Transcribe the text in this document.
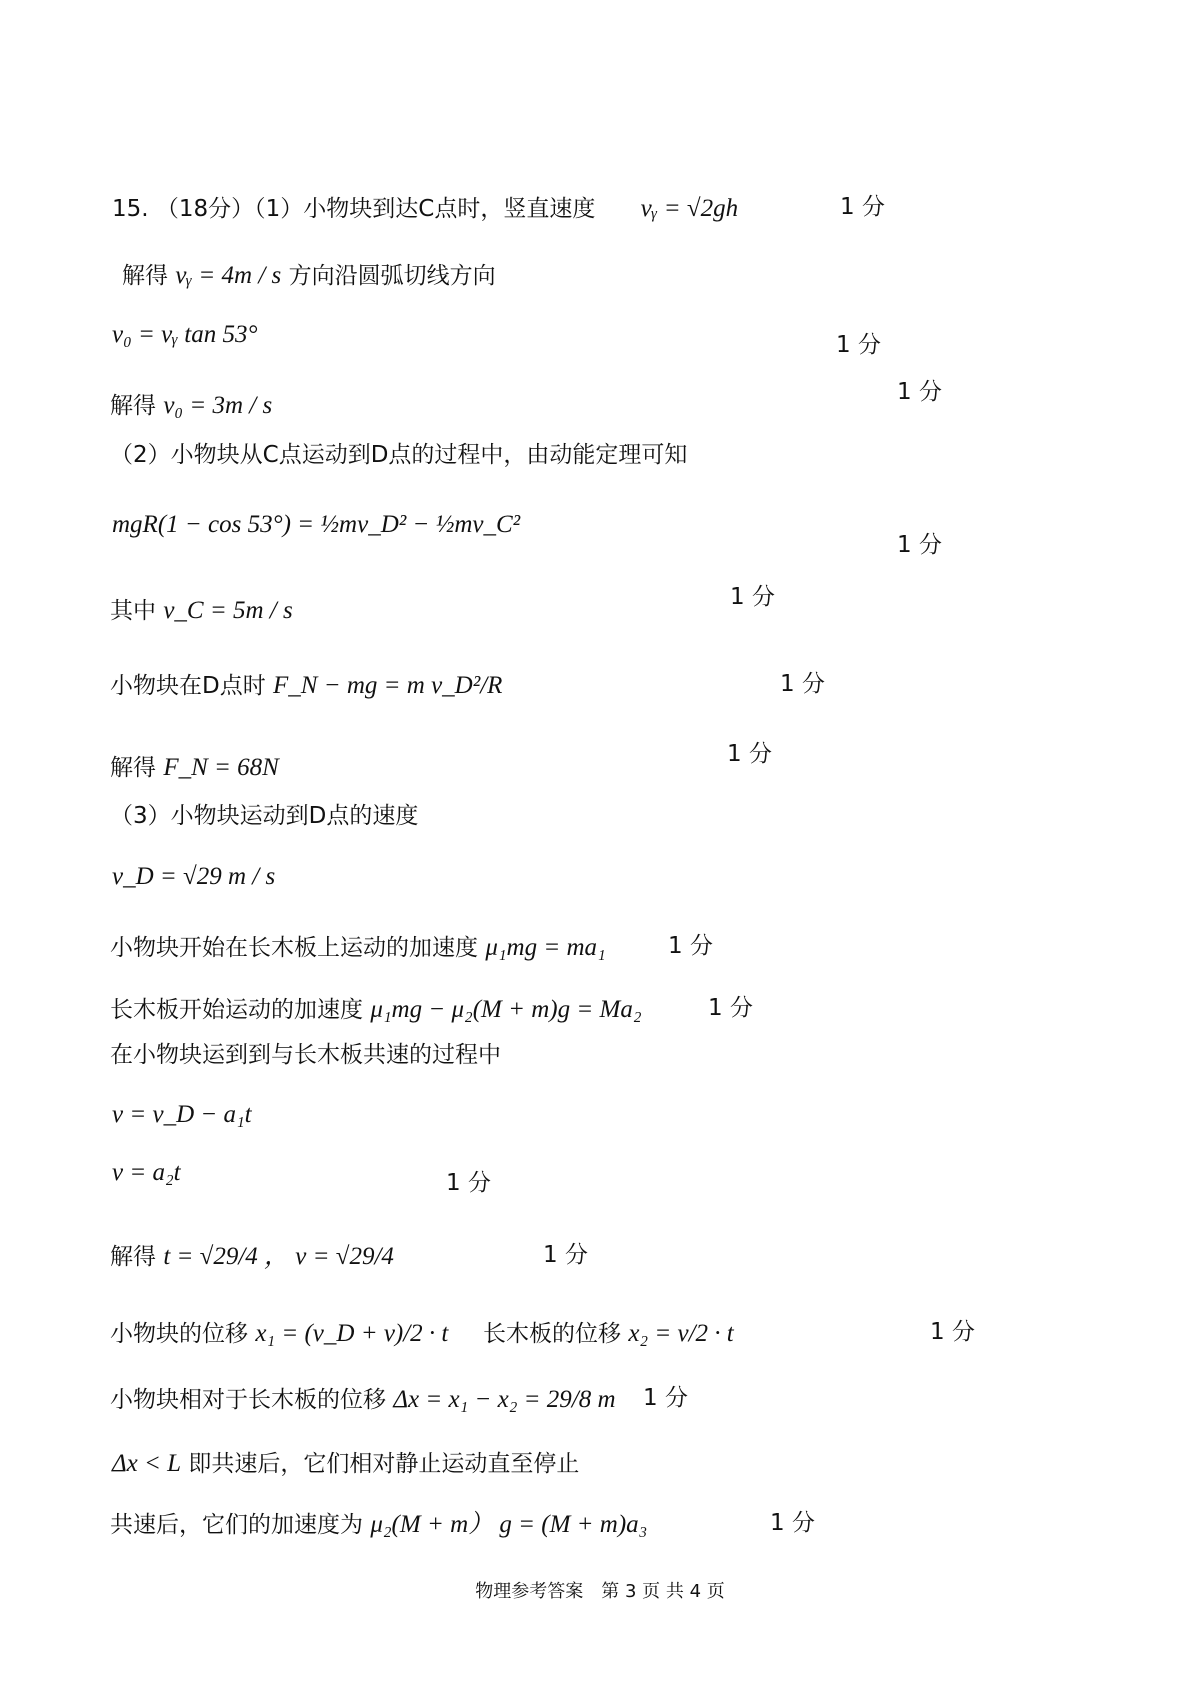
15. （18分）（1）小物块到达C点时，竖直速度 vᵧ = √2gh	1 分
解得 vᵧ = 4m / s 方向沿圆弧切线方向
v₀ = vᵧ tan 53°	1 分
1 分
解得 v₀ = 3m / s
（2）小物块从C点运动到D点的过程中，由动能定理可知
mgR(1 − cos 53°) = ½mv_D² − ½mv_C²
1 分
1 分
其中 v_C = 5m / s
小物块在D点时 F_N − mg = m v_D²/R	1 分
1 分
解得 F_N = 68N
（3）小物块运动到D点的速度
v_D = √29 m / s
小物块开始在长木板上运动的加速度 μ₁mg = ma₁	1 分
长木板开始运动的加速度 μ₁mg − μ₂(M + m)g = Ma₂	1 分
在小物块运到到与长木板共速的过程中
v = v_D − a₁t
v = a₂t	1 分
解得 t = √29/4 ， v = √29/4	1 分
小物块的位移 x₁ = (v_D + v)/2 · t 长木板的位移 x₂ = v/2 · t	1 分
小物块相对于长木板的位移 Δx = x₁ − x₂ = 29/8 m 1 分
Δx < L 即共速后，它们相对静止运动直至停止
共速后，它们的加速度为 μ₂(M + m） g = (M + m)a₃	1 分
物理参考答案　第 3 页 共 4 页
